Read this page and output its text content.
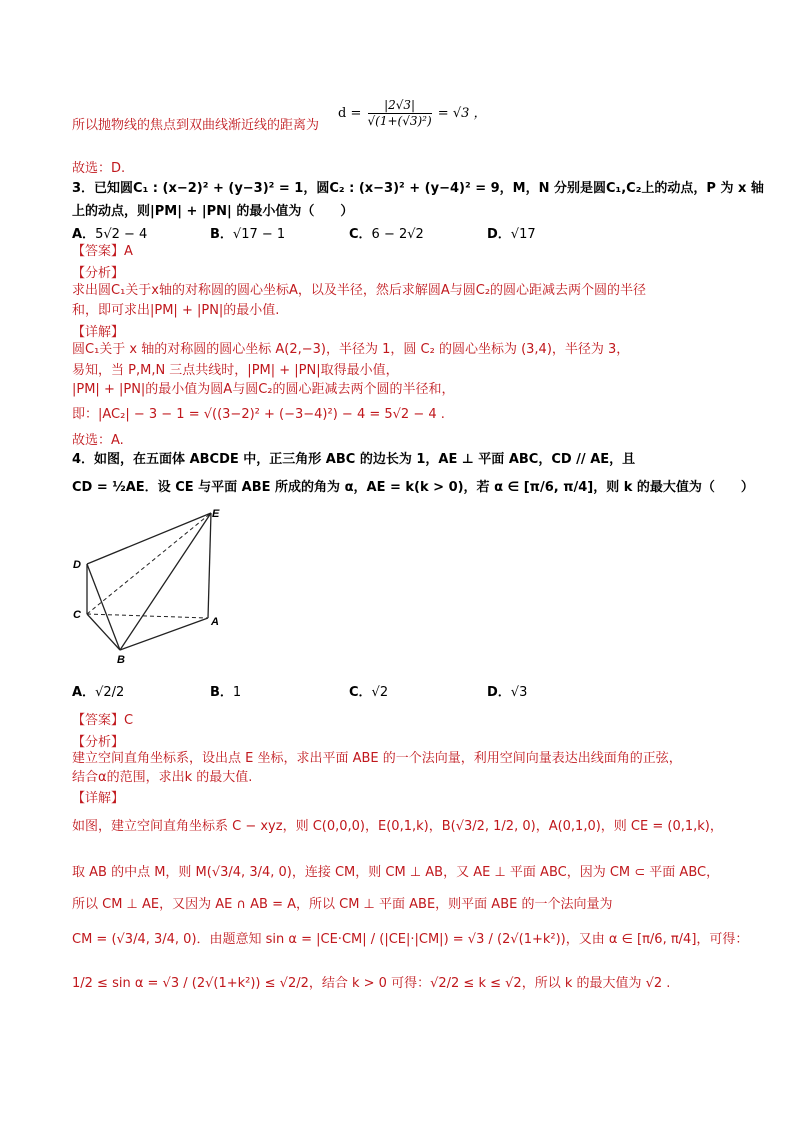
所以抛物线的焦点到双曲线渐近线的距离为
$d = \frac{|2√3|}{\text{√(1+(√3)²)}} = √3$ ，
故选：D.
3．已知圆C₁ : (x−2)² + (y−3)² = 1，圆C₂ : (x−3)² + (y−4)² = 9，M，N 分别是圆C₁,C₂上的动点，P 为 x 轴
上的动点，则|PM| + |PN| 的最小值为（　　）
A．5√2 − 4	B．√17 − 1	C．6 − 2√2	D．√17
【答案】A
【分析】
求出圆C₁关于x轴的对称圆的圆心坐标A，以及半径，然后求解圆A与圆C₂的圆心距减去两个圆的半径
和，即可求出|PM| + |PN|的最小值.
【详解】
圆C₁关于 x 轴的对称圆的圆心坐标 A(2,−3)，半径为 1，圆 C₂ 的圆心坐标为 (3,4)，半径为 3，
易知，当 P,M,N 三点共线时，|PM| + |PN|取得最小值，
|PM| + |PN|的最小值为圆A与圆C₂的圆心距减去两个圆的半径和，
即：|AC₂| − 3 − 1 = √((3−2)² + (−3−4)²) − 4 = 5√2 − 4 .
故选：A.
4．如图，在五面体 ABCDE 中，正三角形 ABC 的边长为 1，AE ⊥ 平面 ABC，CD // AE，且
CD = ½AE．设 CE 与平面 ABE 所成的角为 α，AE = k(k > 0)，若 α ∈ [π/6, π/4]，则 k 的最大值为（　　）
E
D
C
A
B
A．√2/2	B．1	C．√2	D．√3
【答案】C
【分析】
建立空间直角坐标系，设出点 E 坐标，求出平面 ABE 的一个法向量，利用空间向量表达出线面角的正弦，
结合α的范围，求出k 的最大值.
【详解】
如图，建立空间直角坐标系 C − xyz，则 C(0,0,0)，E(0,1,k)，B(√3/2, 1/2, 0)，A(0,1,0)，则 CE = (0,1,k)，
取 AB 的中点 M，则 M(√3/4, 3/4, 0)，连接 CM，则 CM ⊥ AB，又 AE ⊥ 平面 ABC，因为 CM ⊂ 平面 ABC，
所以 CM ⊥ AE，又因为 AE ∩ AB = A，所以 CM ⊥ 平面 ABE，则平面 ABE 的一个法向量为
CM = (√3/4, 3/4, 0)．由题意知 sin α = |CE·CM| / (|CE|·|CM|) = √3 / (2√(1+k²))，又由 α ∈ [π/6, π/4]，可得：
1/2 ≤ sin α = √3 / (2√(1+k²)) ≤ √2/2，结合 k > 0 可得：√2/2 ≤ k ≤ √2，所以 k 的最大值为 √2 .
